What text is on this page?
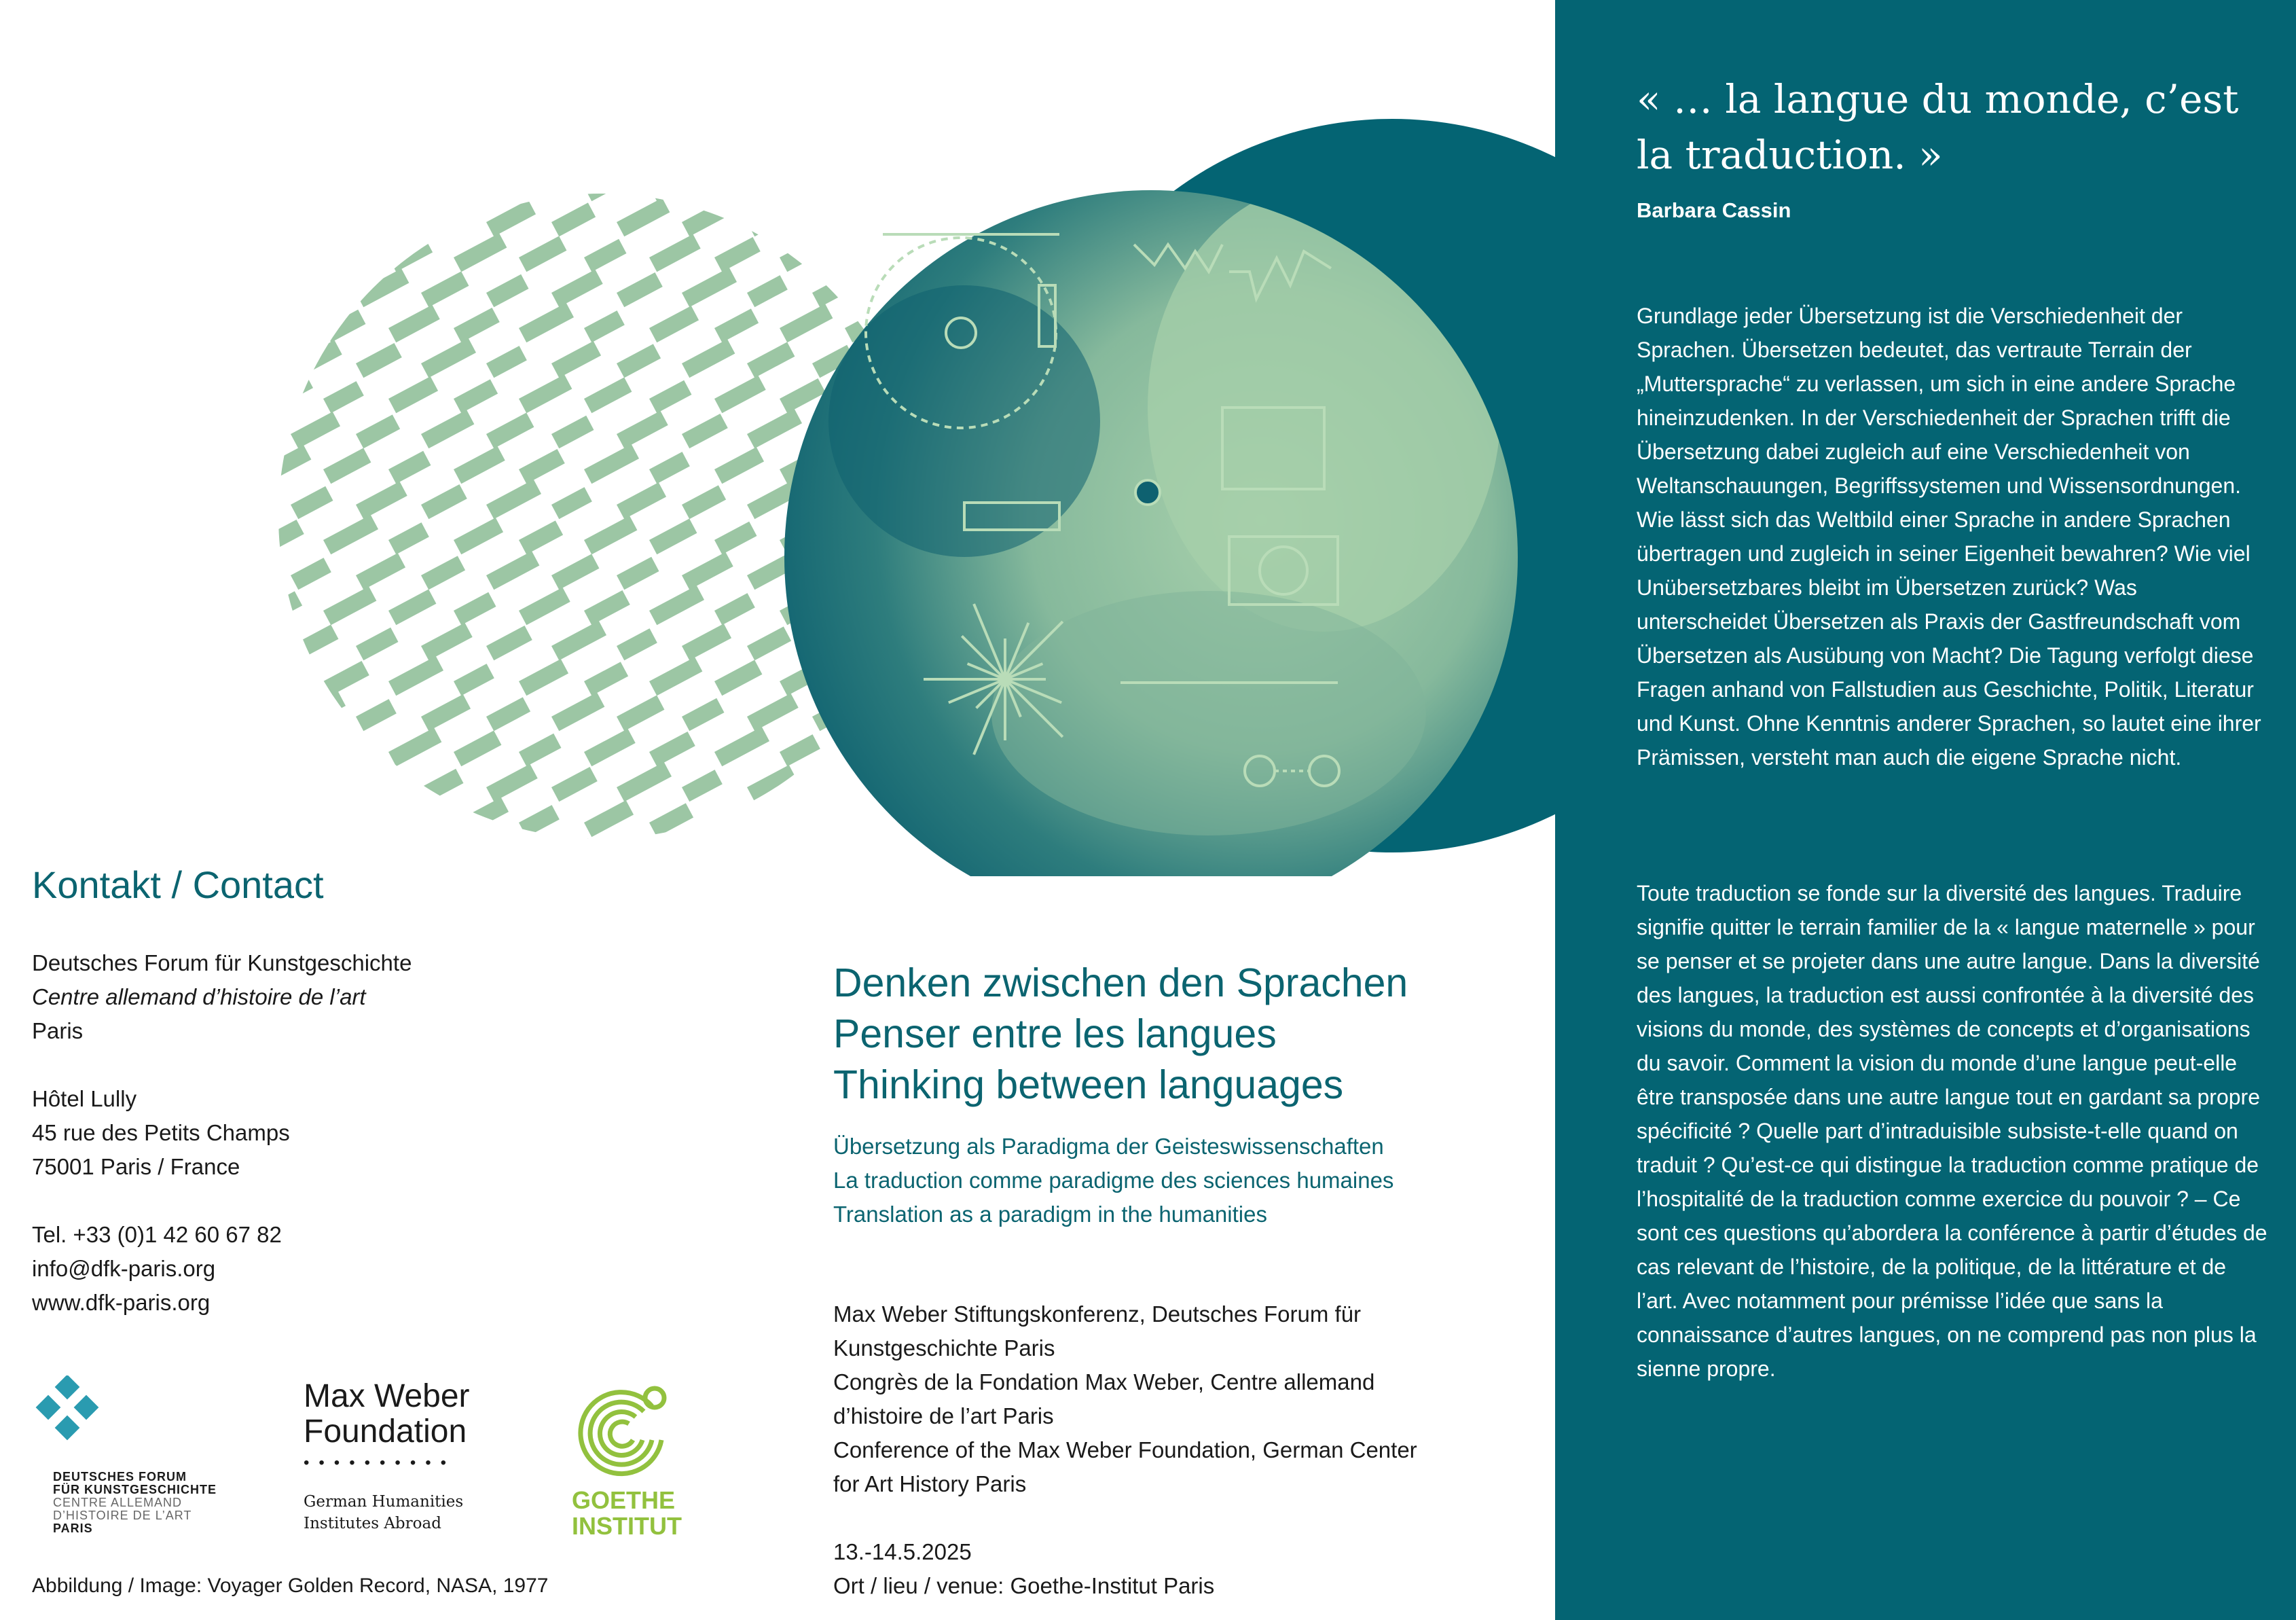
« … la langue du monde, c’est la traduction. »
Barbara Cassin
Grundlage jeder Übersetzung ist die Verschiedenheit der Sprachen. Übersetzen bedeutet, das vertraute Terrain der „Muttersprache“ zu verlassen, um sich in eine andere Sprache hineinzudenken. In der Verschiedenheit der Sprachen trifft die Übersetzung dabei zugleich auf eine Verschiedenheit von Weltanschauungen, Begriffssystemen und Wissensordnungen. Wie lässt sich das Weltbild einer Sprache in andere Sprachen übertragen und zugleich in seiner Eigenheit bewahren? Wie viel Unübersetzbares bleibt im Übersetzen zurück? Was unterscheidet Übersetzen als Praxis der Gastfreundschaft vom Übersetzen als Ausübung von Macht? Die Tagung verfolgt diese Fragen anhand von Fallstudien aus Geschichte, Politik, Literatur und Kunst. Ohne Kenntnis anderer Sprachen, so lautet eine ihrer Prämissen, versteht man auch die eigene Sprache nicht.
Toute traduction se fonde sur la diversité des langues. Traduire signifie quitter le terrain familier de la « langue maternelle » pour se penser et se projeter dans une autre langue. Dans la diversité des langues, la traduction est aussi confrontée à la diversité des visions du monde, des systèmes de concepts et d’organisations du savoir. Comment la vision du monde d’une langue peut-elle être transposée dans une autre langue tout en gardant sa propre spécificité ? Quelle part d’intraduisible subsiste-t-elle quand on traduit ? Qu’est-ce qui distingue la traduction comme pratique de l’hospitalité de la traduction comme exercice du pouvoir ? – Ce sont ces questions qu’abordera la conférence à partir d’études de cas relevant de l’histoire, de la politique, de la littérature et de l’art. Avec notamment pour prémisse l’idée que sans la connaissance d’autres langues, on ne comprend pas non plus la sienne propre.
Kontakt / Contact
Deutsches Forum für Kunstgeschichte
Centre allemand d’histoire de l’art
Paris
Hôtel Lully
45 rue des Petits Champs
75001 Paris / France
Tel. +33 (0)1 42 60 67 82
info@dfk-paris.org
www.dfk-paris.org
DEUTSCHES FORUM
FÜR KUNSTGESCHICHTE
CENTRE ALLEMAND
D’HISTOIRE DE L’ART
PARIS
Max Weber
Foundation
••••••••••
German Humanities
Institutes Abroad
GOETHE
INSTITUT
Abbildung / Image: Voyager Golden Record, NASA, 1977
Denken zwischen den Sprachen
Penser entre les langues
Thinking between languages
Übersetzung als Paradigma der Geisteswissenschaften
La traduction comme paradigme des sciences humaines
Translation as a paradigm in the humanities
Max Weber Stiftungskonferenz, Deutsches Forum für
Kunstgeschichte Paris
Congrès de la Fondation Max Weber, Centre allemand
d’histoire de l’art Paris
Conference of the Max Weber Foundation, German Center
for Art History Paris
13.-14.5.2025
Ort / lieu / venue: Goethe-Institut Paris
